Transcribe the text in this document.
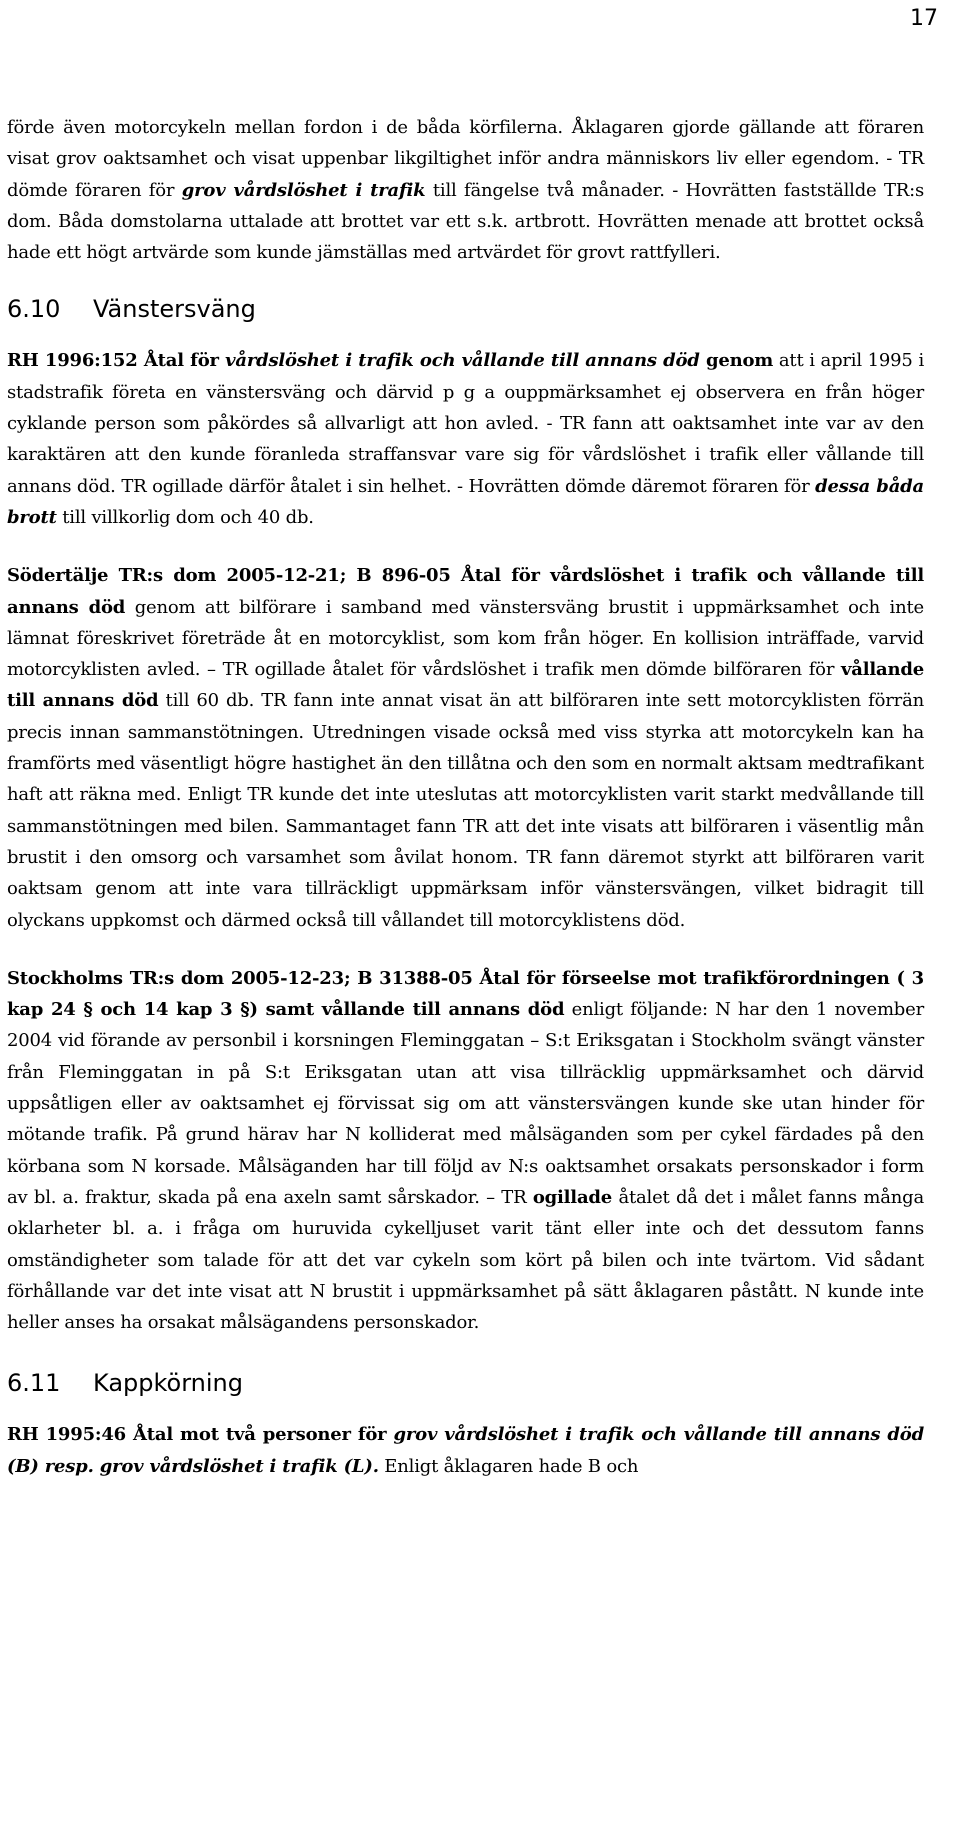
17

förde även motorcykeln mellan fordon i de båda körfilerna. Åklagaren gjorde gällande att föraren visat grov oaktsamhet och visat uppenbar likgiltighet inför andra människors liv eller egendom. - TR dömde föraren för grov vårdslöshet i trafik till fängelse två månader. - Hovrätten fastställde TR:s dom. Båda domstolarna uttalade att brottet var ett s.k. artbrott. Hovrätten menade att brottet också hade ett högt artvärde som kunde jämställas med artvärdet för grovt rattfylleri.

6.10 Vänstersväng

RH 1996:152 Åtal för vårdslöshet i trafik och vållande till annans död genom att i april 1995 i stadstrafik företa en vänstersväng och därvid p g a ouppmärksamhet ej observera en från höger cyklande person som påkördes så allvarligt att hon avled. - TR fann att oaktsamhet inte var av den karaktären att den kunde föranleda straffansvar vare sig för vårdslöshet i trafik eller vållande till annans död. TR ogillade därför åtalet i sin helhet. - Hovrätten dömde däremot föraren för dessa båda brott till villkorlig dom och 40 db.

Södertälje TR:s dom 2005-12-21; B 896-05 Åtal för vårdslöshet i trafik och vållande till annans död genom att bilförare i samband med vänstersväng brustit i uppmärksamhet och inte lämnat föreskrivet företräde åt en motorcyklist, som kom från höger. En kollision inträffade, varvid motorcyklisten avled. – TR ogillade åtalet för vårdslöshet i trafik men dömde bilföraren för vållande till annans död till 60 db. TR fann inte annat visat än att bilföraren inte sett motorcyklisten förrän precis innan sammanstötningen. Utredningen visade också med viss styrka att motorcykeln kan ha framförts med väsentligt högre hastighet än den tillåtna och den som en normalt aktsam medtrafikant haft att räkna med. Enligt TR kunde det inte uteslutas att motorcyklisten varit starkt medvållande till sammanstötningen med bilen. Sammantaget fann TR att det inte visats att bilföraren i väsentlig mån brustit i den omsorg och varsamhet som åvilat honom. TR fann däremot styrkt att bilföraren varit oaktsam genom att inte vara tillräckligt uppmärksam inför vänstersvängen, vilket bidragit till olyckans uppkomst och därmed också till vållandet till motorcyklistens död.

Stockholms TR:s dom 2005-12-23; B 31388-05 Åtal för förseelse mot trafikförordningen ( 3 kap 24 § och 14 kap 3 §) samt vållande till annans död enligt följande: N har den 1 november 2004 vid förande av personbil i korsningen Fleminggatan – S:t Eriksgatan i Stockholm svängt vänster från Fleminggatan in på S:t Eriksgatan utan att visa tillräcklig uppmärksamhet och därvid uppsåtligen eller av oaktsamhet ej förvissat sig om att vänstersvängen kunde ske utan hinder för mötande trafik. På grund härav har N kolliderat med målsäganden som per cykel färdades på den körbana som N korsade. Målsäganden har till följd av N:s oaktsamhet orsakats personskador i form av bl. a. fraktur, skada på ena axeln samt sårskador. – TR ogillade åtalet då det i målet fanns många oklarheter bl. a. i fråga om huruvida cykelljuset varit tänt eller inte och det dessutom fanns omständigheter som talade för att det var cykeln som kört på bilen och inte tvärtom. Vid sådant förhållande var det inte visat att N brustit i uppmärksamhet på sätt åklagaren påstått. N kunde inte heller anses ha orsakat målsägandens personskador.

6.11 Kappkörning

RH 1995:46 Åtal mot två personer för grov vårdslöshet i trafik och vållande till annans död (B) resp. grov vårdslöshet i trafik (L). Enligt åklagaren hade B och
